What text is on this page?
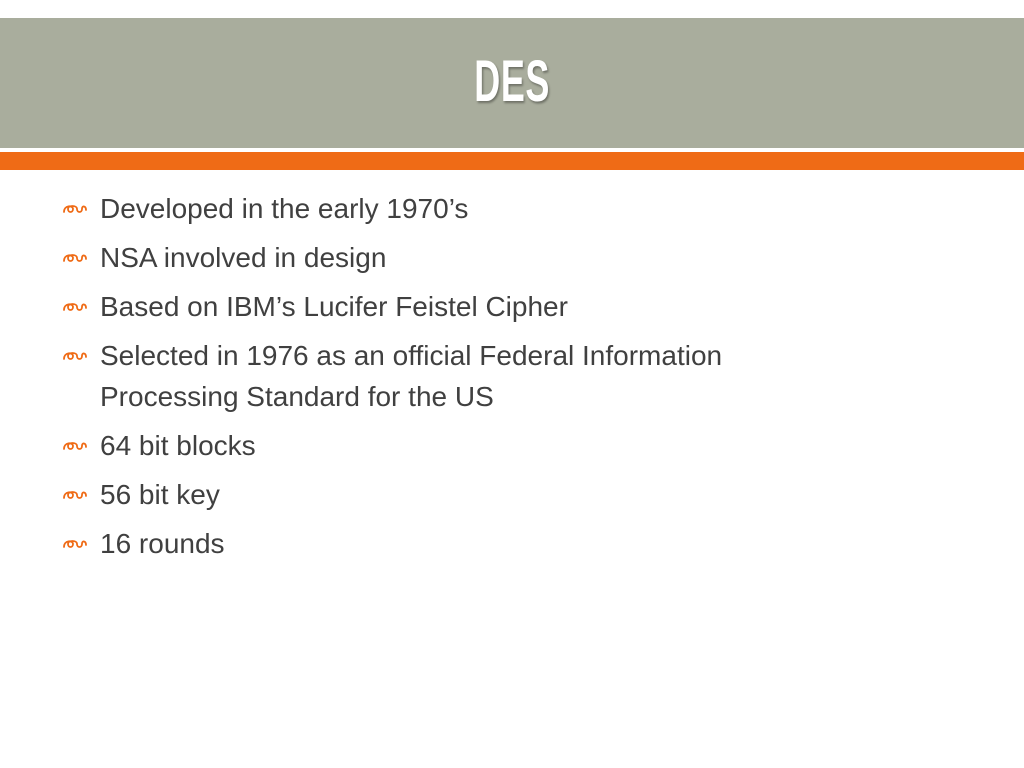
DES
Developed in the early 1970’s
NSA involved in design
Based on IBM’s Lucifer Feistel Cipher
Selected in 1976 as an official Federal Information
Processing Standard for the US
64 bit blocks
56 bit key
16 rounds
